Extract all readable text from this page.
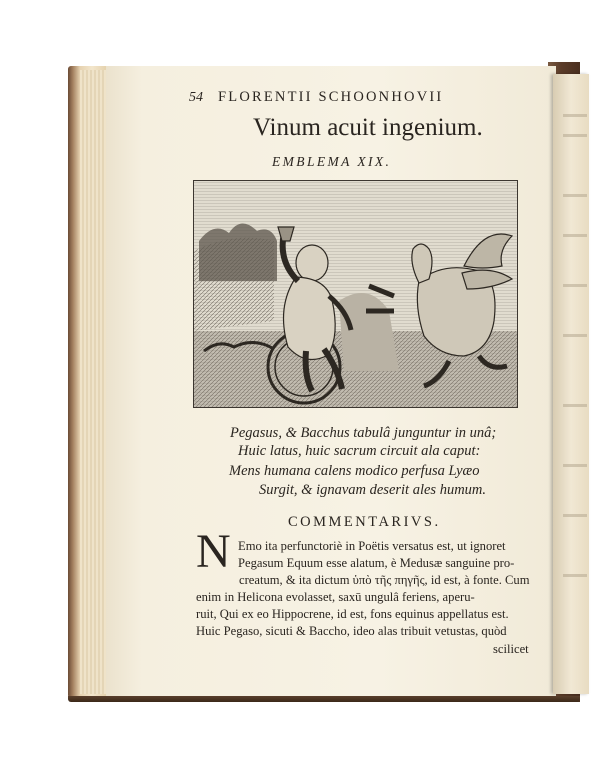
54 FLORENTII SCHOONHOVII
Vinum acuit ingenium.
EMBLEMA XIX.
Pegasus, & Bacchus tabulâ junguntur in unâ;
Huic latus, huic sacrum circuit ala caput:
Mens humana calens modico perfusa Lyæo
Surgit, & ignavam deserit ales humum.
COMMENTARIVS.
N Emo ita perfunctoriè in Poëtis versatus est, ut ignoret
Pegasum Equum esse alatum, è Medusæ sanguine pro-
creatum, & ita dictum ὑπὸ τῆς πηγῆς, id est, à fonte. Cum
enim in Helicona evolasset, saxū ungulâ feriens, aperu-
ruit, Qui ex eo Hippocrene, id est, fons equinus appellatus est.
Huic Pegaso, sicuti & Baccho, ideo alas tribuit vetustas, quòd
scilicet
